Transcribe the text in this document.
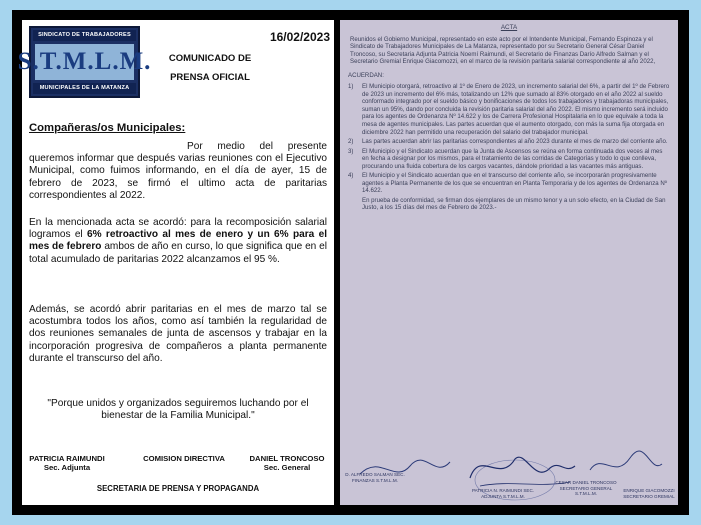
SINDICATO DE TRABAJADORES
S.T.M.L.M.
MUNICIPALES DE LA MATANZA
16/02/2023
COMUNICADO DE
PRENSA OFICIAL
Compañeras/os Municipales:

Por medio del presente queremos informar que después varias reuniones con el Ejecutivo Municipal, como fuimos informando, en el día de ayer, 15 de febrero de 2023, se firmó el ultimo acta de paritarias correspondientes al 2022.

En la mencionada acta se acordó: para la recomposición salarial logramos el 6% retroactivo al mes de enero y un 6% para el mes de febrero ambos de año en curso, lo que significa que en el total acumulado de paritarias 2022 alcanzamos el 95 %.

Además, se acordó abrir paritarias en el mes de marzo tal se acostumbra todos los años, como así también la regularidad de dos reuniones semanales de junta de ascensos y trabajar en la incorporación progresiva de compañeros a planta permanente durante el transcurso del año.

"Porque unidos y organizados seguiremos luchando por el bienestar de la Familia Municipal."

PATRICIA RAIMUNDI
Sec. Adjunta
COMISION DIRECTIVA	DANIEL TRONCOSO
Sec. General
SECRETARIA DE PRENSA Y PROPAGANDA
ACTA

Reunidos el Gobierno Municipal, representado en este acto por el Intendente Municipal, Fernando Espinoza y el Sindicato de Trabajadores Municipales de La Matanza, representado por su Secretario General César Daniel Troncoso, su Secretaria Adjunta Patricia Noemí Raimundi, el Secretario de Finanzas Darío Alfredo Salman y el Secretario Gremial Enrique Giacomozzi, en el marco de la revisión paritaria salarial correspondiente al año 2022,

ACUERDAN:
1) El Municipio otorgará, retroactivo al 1º de Enero de 2023, un incremento salarial del 6%, a partir del 1º de Febrero de 2023 un incremento del 6% más, totalizando un 12% que sumado al 83% otorgado en el año 2022 al sueldo conformado integrado por el sueldo básico y bonificaciones de todos los trabajadores y trabajadoras municipales, suman un 95%, dando por concluida la revisión paritaria salarial del año 2022. El mismo incremento será incluido para los agentes de Ordenanza Nº 14.622 y los de Carrera Profesional Hospitalaria en lo que equivale a toda la mesa de agentes municipales. Las partes acuerdan que el aumento otorgado, con más la suma fija otorgada en diciembre 2022 han permitido una recuperación del salario del trabajador municipal.
2) Las partes acuerdan abrir las paritarias correspondientes al año 2023 durante el mes de marzo del corriente año.
3) El Municipio y el Sindicato acuerdan que la Junta de Ascensos se reúna en forma continuada dos veces al mes en fecha a designar por los mismos, para el tratamiento de las corridas de Categorías y todo lo que conlleva, procurando una fluida cobertura de los cargos vacantes, dándole prioridad a las vacantes más antiguas.
4) El Municipio y el Sindicato acuerdan que en el transcurso del corriente año, se incorporarán progresivamente agentes a Planta Permanente de los que se encuentran en Planta Temporaria y de los agentes de Ordenanza Nº 14.622.

En prueba de conformidad, se firman dos ejemplares de un mismo tenor y a un solo efecto, en la Ciudad de San Justo, a los 15 días del mes de Febrero de 2023.-

D. ALFREDO SALMAN SEC. FINANZAS S.T.M.L.M.
PATRICIA N. RAIMUNDI SEC. ADJUNTA S.T.M.L.M.
CESAR DANIEL TRONCOSO SECRETARIO GENERAL S.T.M.L.M.
ENRIQUE GIACOMOZZI SECRETARIO GREMIAL
